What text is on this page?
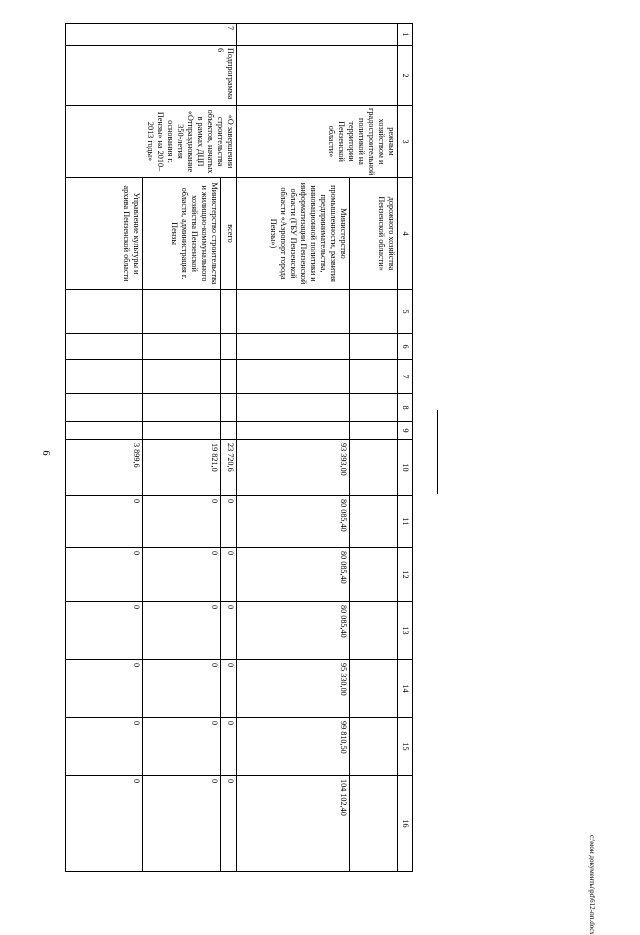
6
1	2	3	4	5	6	7	8	9	10	11	12	13	14	15	16
		режным хозяйством и градостроительной политикой на территории Пензенской области»	дорожного хозяйства Пензенской области»												
			Министерство промышленности, развития предпринимательства, инновационной политики и информатизации Пензенской области (ГБУ Пензенской области «Аэропорт города Пензы»)						93 393,00	80 085,40	80 085,40	80 085,40	95 330,00	99 810,50	104 102,40
7	Подпрограмма 6	«О завершении строительства объектов, начатых в рамках ДЦП «Отпразднование 350-летия основания г. Пензы» на 2010–2013 годы»	всего						23 720,6	0	0	0	0	0	0
			Министерство строительства и жилищно-коммунального хозяйства Пензенской области, администрация г. Пензы						19 821,0	0	0	0	0	0	0
			Управление культуры и архива Пензенской области						3 899,6	0	0	0	0	0	0
c:\мои документы\рd\612-пп.docx
